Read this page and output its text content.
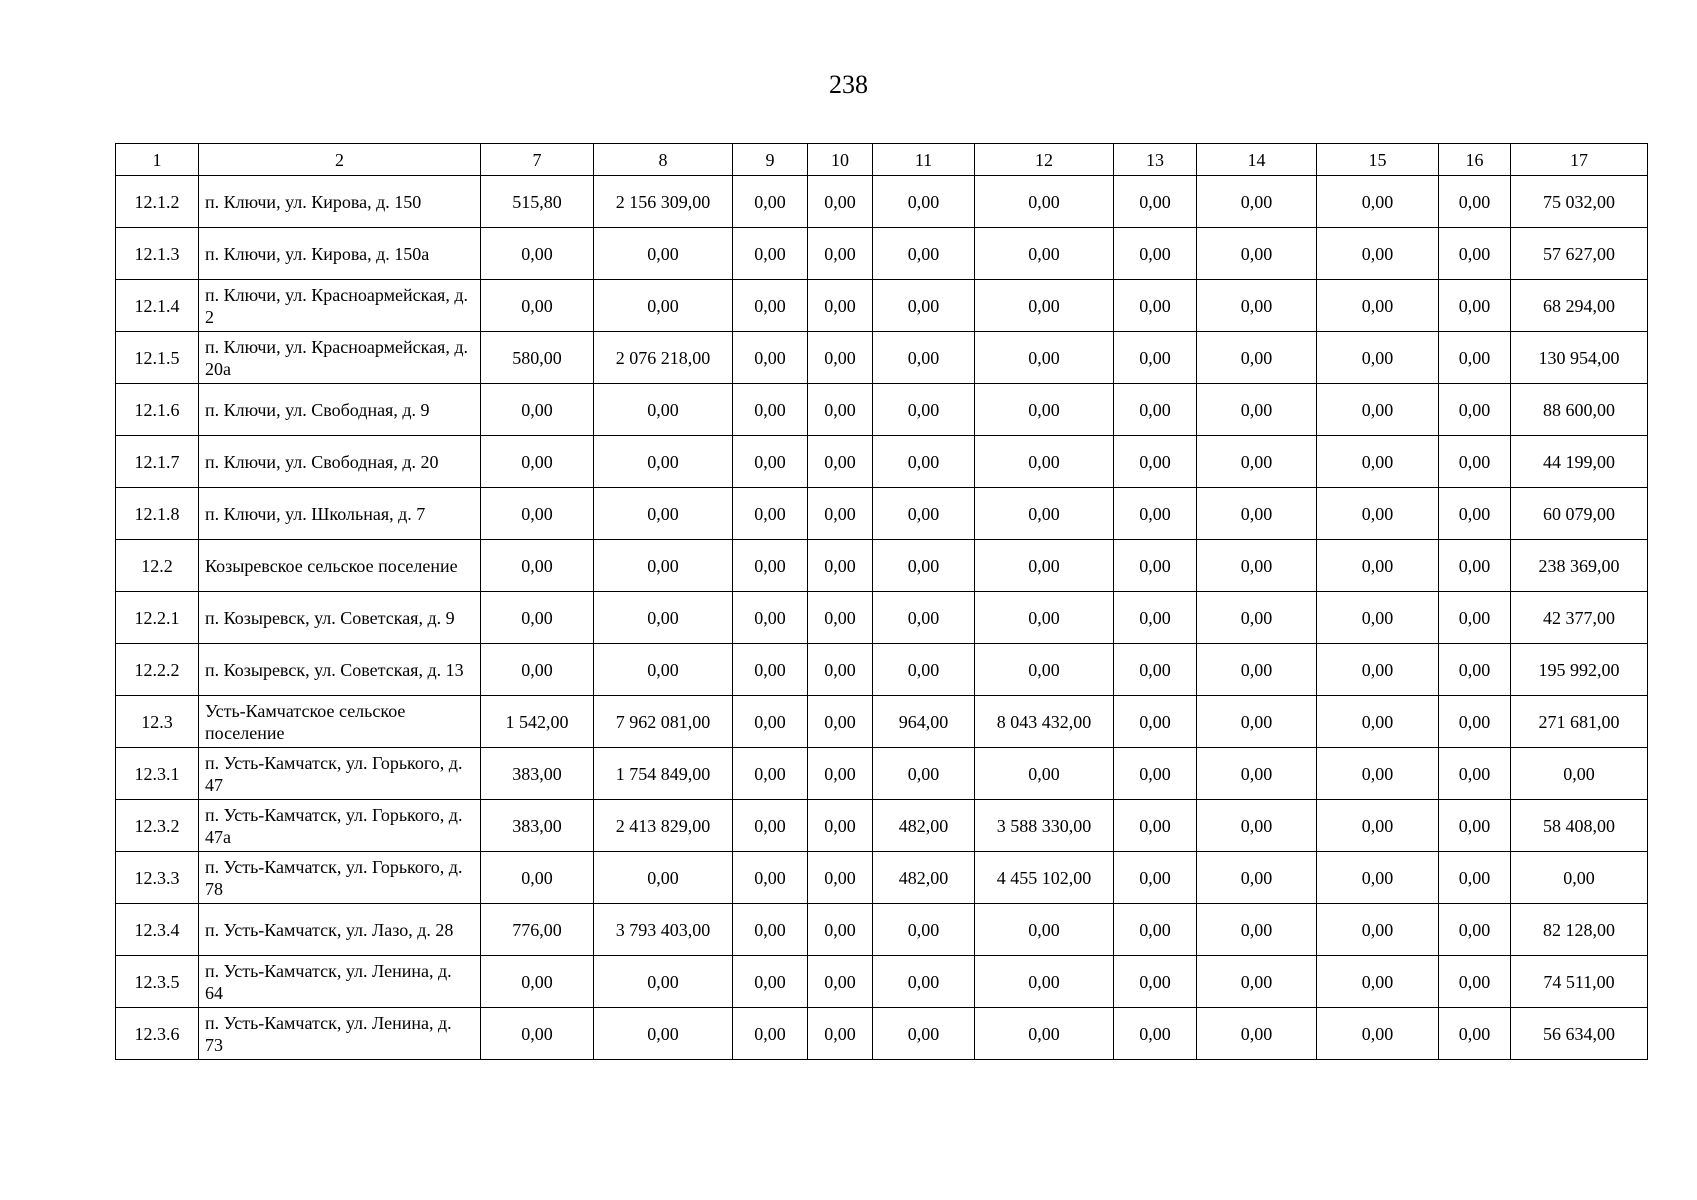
238
1	2	7	8	9	10	11	12	13	14	15	16	17
12.1.2	п. Ключи, ул. Кирова, д. 150	515,80	2 156 309,00	0,00	0,00	0,00	0,00	0,00	0,00	0,00	0,00	75 032,00
12.1.3	п. Ключи, ул. Кирова, д. 150а	0,00	0,00	0,00	0,00	0,00	0,00	0,00	0,00	0,00	0,00	57 627,00
12.1.4	п. Ключи, ул. Красноармейская, д. 2	0,00	0,00	0,00	0,00	0,00	0,00	0,00	0,00	0,00	0,00	68 294,00
12.1.5	п. Ключи, ул. Красноармейская, д. 20а	580,00	2 076 218,00	0,00	0,00	0,00	0,00	0,00	0,00	0,00	0,00	130 954,00
12.1.6	п. Ключи, ул. Свободная, д. 9	0,00	0,00	0,00	0,00	0,00	0,00	0,00	0,00	0,00	0,00	88 600,00
12.1.7	п. Ключи, ул. Свободная, д. 20	0,00	0,00	0,00	0,00	0,00	0,00	0,00	0,00	0,00	0,00	44 199,00
12.1.8	п. Ключи, ул. Школьная, д. 7	0,00	0,00	0,00	0,00	0,00	0,00	0,00	0,00	0,00	0,00	60 079,00
12.2	Козыревское сельское поселение	0,00	0,00	0,00	0,00	0,00	0,00	0,00	0,00	0,00	0,00	238 369,00
12.2.1	п. Козыревск, ул. Советская, д. 9	0,00	0,00	0,00	0,00	0,00	0,00	0,00	0,00	0,00	0,00	42 377,00
12.2.2	п. Козыревск, ул. Советская, д. 13	0,00	0,00	0,00	0,00	0,00	0,00	0,00	0,00	0,00	0,00	195 992,00
12.3	Усть-Камчатское сельское поселение	1 542,00	7 962 081,00	0,00	0,00	964,00	8 043 432,00	0,00	0,00	0,00	0,00	271 681,00
12.3.1	п. Усть-Камчатск, ул. Горького, д. 47	383,00	1 754 849,00	0,00	0,00	0,00	0,00	0,00	0,00	0,00	0,00	0,00
12.3.2	п. Усть-Камчатск, ул. Горького, д. 47а	383,00	2 413 829,00	0,00	0,00	482,00	3 588 330,00	0,00	0,00	0,00	0,00	58 408,00
12.3.3	п. Усть-Камчатск, ул. Горького, д. 78	0,00	0,00	0,00	0,00	482,00	4 455 102,00	0,00	0,00	0,00	0,00	0,00
12.3.4	п. Усть-Камчатск, ул. Лазо, д. 28	776,00	3 793 403,00	0,00	0,00	0,00	0,00	0,00	0,00	0,00	0,00	82 128,00
12.3.5	п. Усть-Камчатск, ул. Ленина, д. 64	0,00	0,00	0,00	0,00	0,00	0,00	0,00	0,00	0,00	0,00	74 511,00
12.3.6	п. Усть-Камчатск, ул. Ленина, д. 73	0,00	0,00	0,00	0,00	0,00	0,00	0,00	0,00	0,00	0,00	56 634,00
